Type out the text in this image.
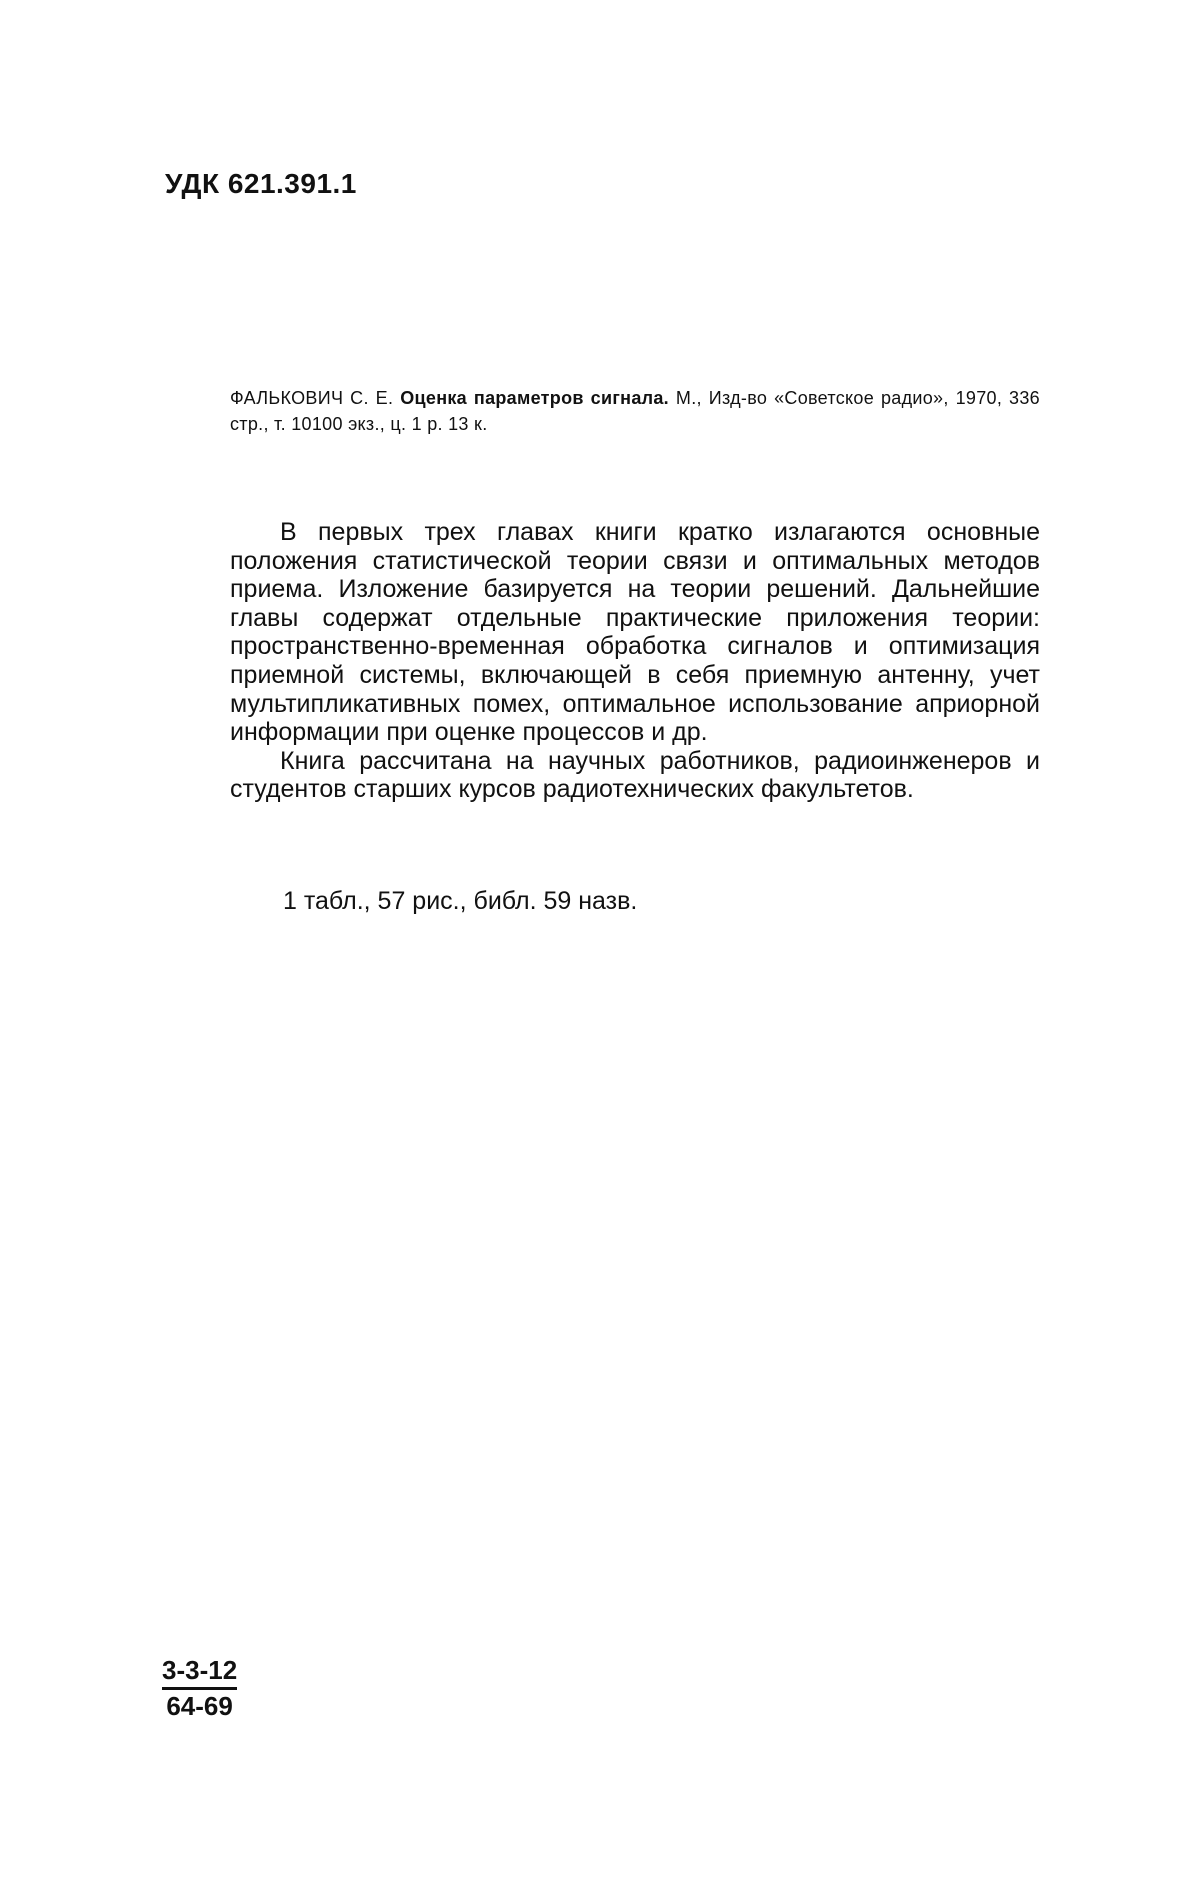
УДК 621.391.1
ФАЛЬКОВИЧ С. Е. Оценка параметров сигнала. М., Изд-во «Советское радио», 1970, 336 стр., т. 10100 экз., ц. 1 р. 13 к.

В первых трех главах книги кратко излагаются основные положения статистической теории связи и оптимальных методов приема. Изложение базируется на теории решений. Дальнейшие главы содержат отдельные практические приложения теории: пространственно-временная обработка сигналов и оптимизация приемной системы, включающей в себя приемную антенну, учет мультипликативных помех, оптимальное использование априорной информации при оценке процессов и др.

Книга рассчитана на научных работников, радиоинженеров и студентов старших курсов радиотехнических факультетов.

1 табл., 57 рис., библ. 59 назв.
$\frac{3-3-12}{64-69}$
